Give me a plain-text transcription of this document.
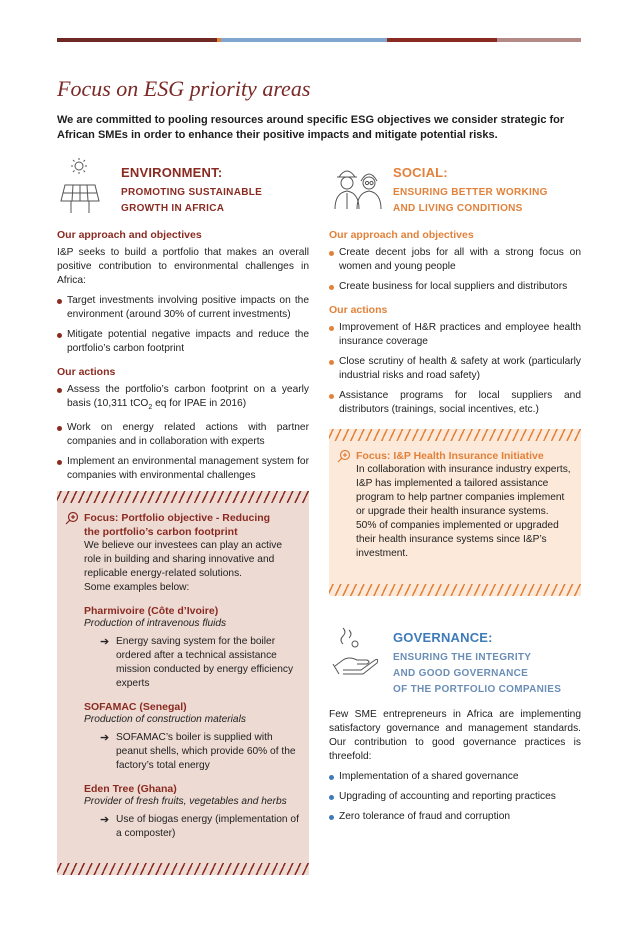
Focus on ESG priority areas
We are committed to pooling resources around specific ESG objectives we consider strategic for African SMEs in order to enhance their positive impacts and mitigate potential risks.
ENVIRONMENT:
PROMOTING SUSTAINABLE
GROWTH IN AFRICA
Our approach and objectives
I&P seeks to build a portfolio that makes an overall positive contribution to environmental challenges in Africa:
Target investments involving positive impacts on the environment (around 30% of current investments)
Mitigate potential negative impacts and reduce the portfolio’s carbon footprint
Our actions
Assess the portfolio’s carbon footprint on a yearly basis (10,311 tCO$_2$ eq for IPAE in 2016)
Work on energy related actions with partner companies and in collaboration with experts
Implement an environmental management system for companies with environmental challenges
Focus: Portfolio objective - Reducing
the portfolio’s carbon footprint
We believe our investees can play an active role in building and sharing innovative and replicable energy-related solutions.
Some examples below:
Pharmivoire (Côte d’Ivoire)
Production of intravenous fluids
➔ Energy saving system for the boiler ordered after a technical assistance mission conducted by energy efficiency experts
SOFAMAC (Senegal)
Production of construction materials
➔ SOFAMAC’s boiler is supplied with peanut shells, which provide 60% of the factory’s total energy
Eden Tree (Ghana)
Provider of fresh fruits, vegetables and herbs
➔ Use of biogas energy (implementation of a composter)
SOCIAL:
ENSURING BETTER WORKING
AND LIVING CONDITIONS
Our approach and objectives
Create decent jobs for all with a strong focus on women and young people
Create business for local suppliers and distributors
Our actions
Improvement of H&R practices and employee health insurance coverage
Close scrutiny of health & safety at work (particularly industrial risks and road safety)
Assistance programs for local suppliers and distributors (trainings, social incentives, etc.)
Focus: I&P Health Insurance Initiative
In collaboration with insurance industry experts, I&P has implemented a tailored assistance program to help partner companies implement or upgrade their health insurance systems. 50% of companies implemented or upgraded their health insurance systems since I&P’s investment.
GOVERNANCE:
ENSURING THE INTEGRITY
AND GOOD GOVERNANCE
OF THE PORTFOLIO COMPANIES
Few SME entrepreneurs in Africa are implementing satisfactory governance and management standards. Our contribution to good governance practices is threefold:
Implementation of a shared governance
Upgrading of accounting and reporting practices
Zero tolerance of fraud and corruption
